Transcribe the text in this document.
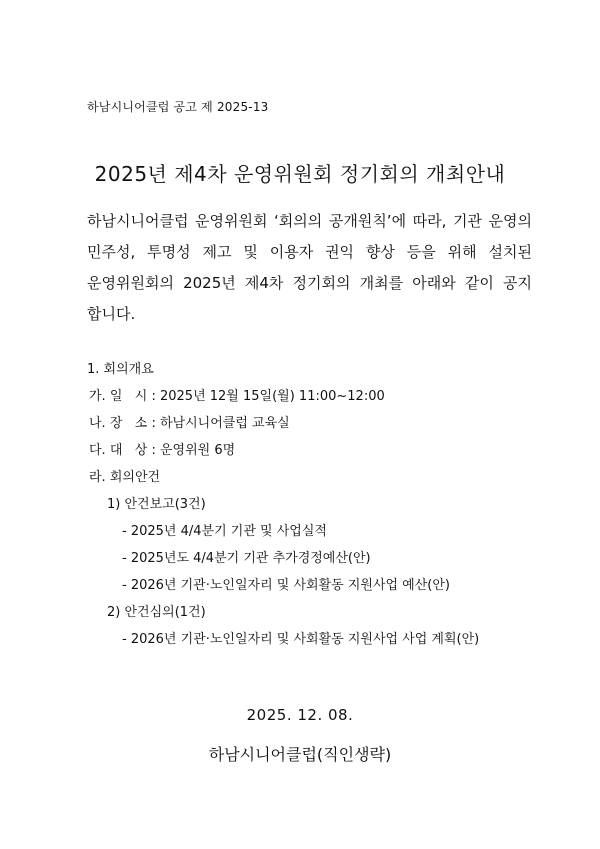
하남시니어클럽 공고 제 2025-13
2025년 제4차 운영위원회 정기회의 개최안내
하남시니어클럽 운영위원회 ‘회의의 공개원칙’에 따라, 기관 운영의
민주성, 투명성 제고 및 이용자 권익 향상 등을 위해 설치된
운영위원회의 2025년 제4차 정기회의 개최를 아래와 같이 공지
합니다.
1. 회의개요
가. 일   시 : 2025년 12월 15일(월) 11:00~12:00
나. 장   소 : 하남시니어클럽 교육실
다. 대   상 : 운영위원 6명
라. 회의안건
1) 안건보고(3건)
- 2025년 4/4분기 기관 및 사업실적
- 2025년도 4/4분기 기관 추가경정예산(안)
- 2026년 기관·노인일자리 및 사회활동 지원사업 예산(안)
2) 안건심의(1건)
- 2026년 기관·노인일자리 및 사회활동 지원사업 사업 계획(안)
2025. 12. 08.
하남시니어클럽(직인생략)
